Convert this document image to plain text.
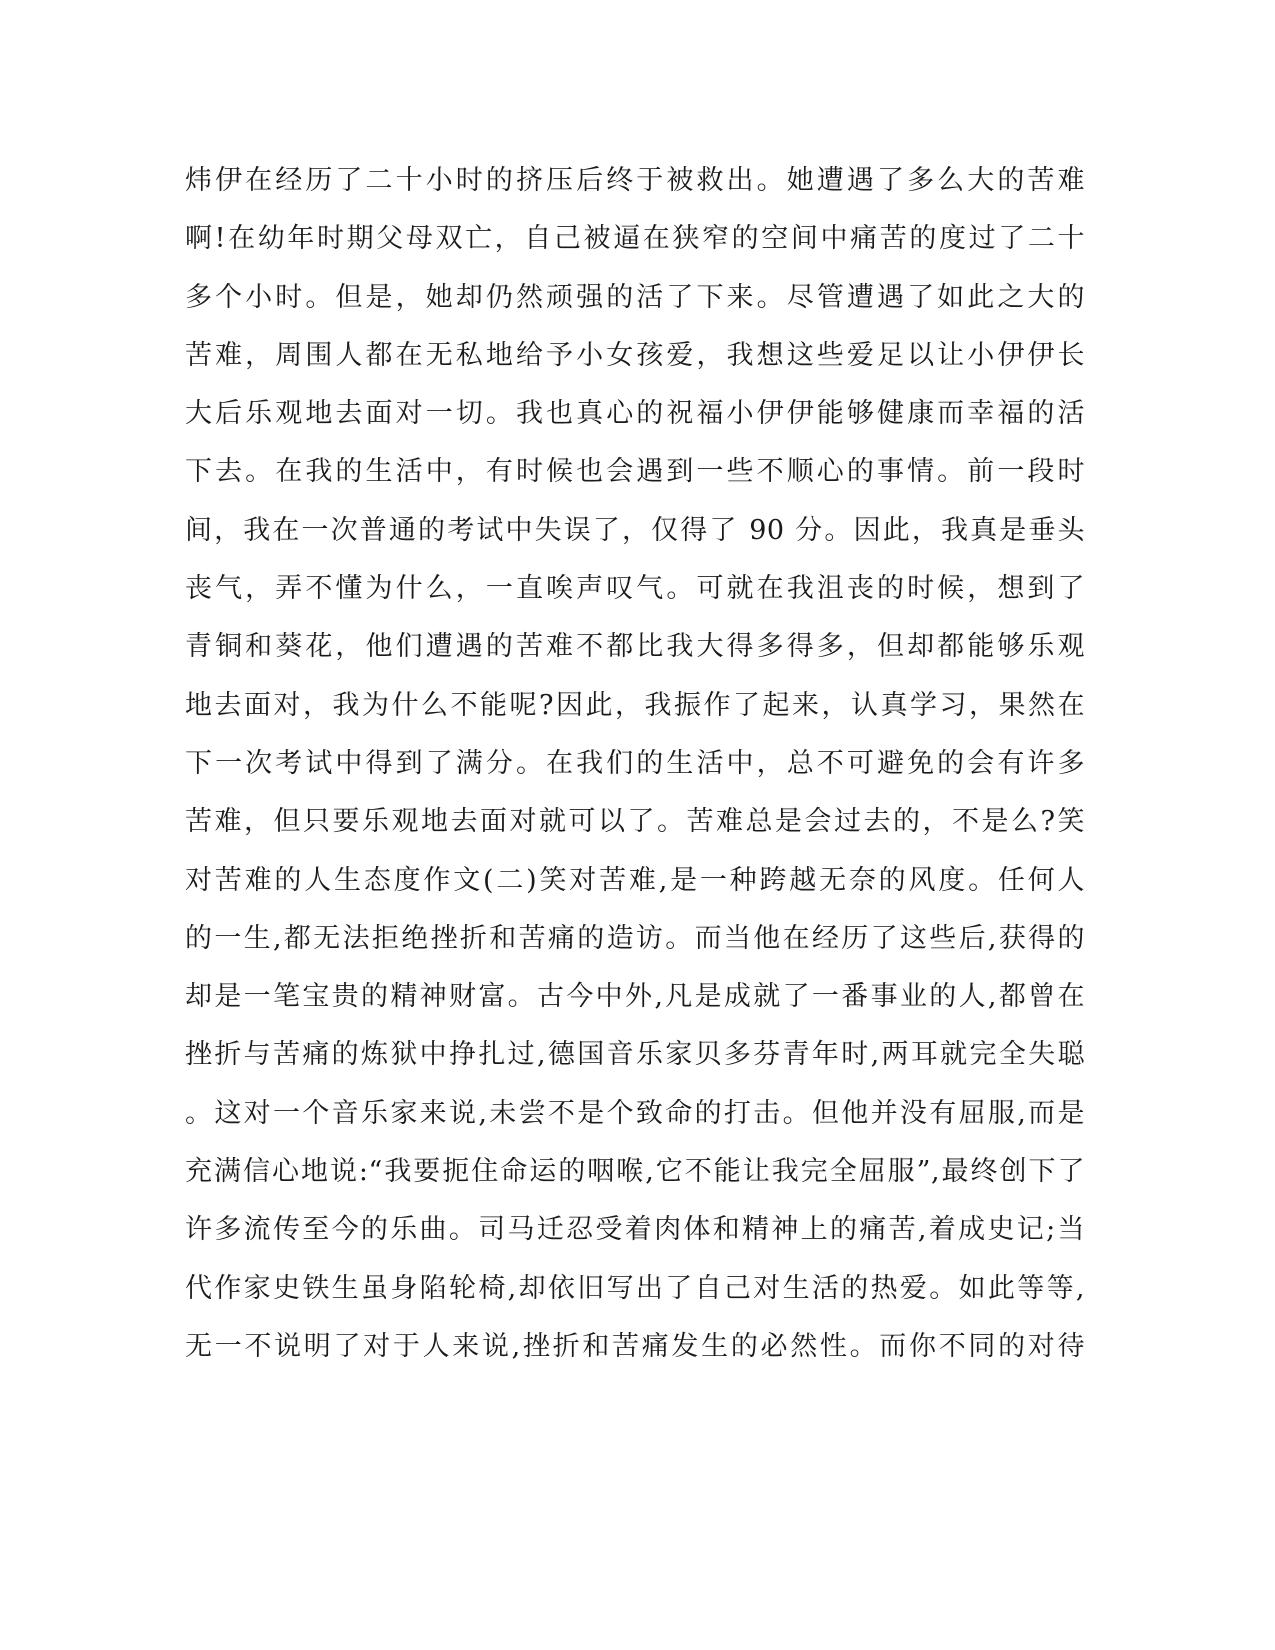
炜伊在经历了二十小时的挤压后终于被救出。她遭遇了多么大的苦难
啊!在幼年时期父母双亡，自己被逼在狭窄的空间中痛苦的度过了二十
多个小时。但是，她却仍然顽强的活了下来。尽管遭遇了如此之大的
苦难，周围人都在无私地给予小女孩爱，我想这些爱足以让小伊伊长
大后乐观地去面对一切。我也真心的祝福小伊伊能够健康而幸福的活
下去。在我的生活中，有时候也会遇到一些不顺心的事情。前一段时
间，我在一次普通的考试中失误了，仅得了 90 分。因此，我真是垂头
丧气，弄不懂为什么，一直唉声叹气。可就在我沮丧的时候，想到了
青铜和葵花，他们遭遇的苦难不都比我大得多得多，但却都能够乐观
地去面对，我为什么不能呢?因此，我振作了起来，认真学习，果然在
下一次考试中得到了满分。在我们的生活中，总不可避免的会有许多
苦难，但只要乐观地去面对就可以了。苦难总是会过去的，不是么?笑
对苦难的人生态度作文(二)笑对苦难,是一种跨越无奈的风度。任何人
的一生,都无法拒绝挫折和苦痛的造访。而当他在经历了这些后,获得的
却是一笔宝贵的精神财富。古今中外,凡是成就了一番事业的人,都曾在
挫折与苦痛的炼狱中挣扎过,德国音乐家贝多芬青年时,两耳就完全失聪
。这对一个音乐家来说,未尝不是个致命的打击。但他并没有屈服,而是
充满信心地说:“我要扼住命运的咽喉,它不能让我完全屈服”,最终创下了
许多流传至今的乐曲。司马迁忍受着肉体和精神上的痛苦,着成史记;当
代作家史铁生虽身陷轮椅,却依旧写出了自己对生活的热爱。如此等等,
无一不说明了对于人来说,挫折和苦痛发生的必然性。而你不同的对待
